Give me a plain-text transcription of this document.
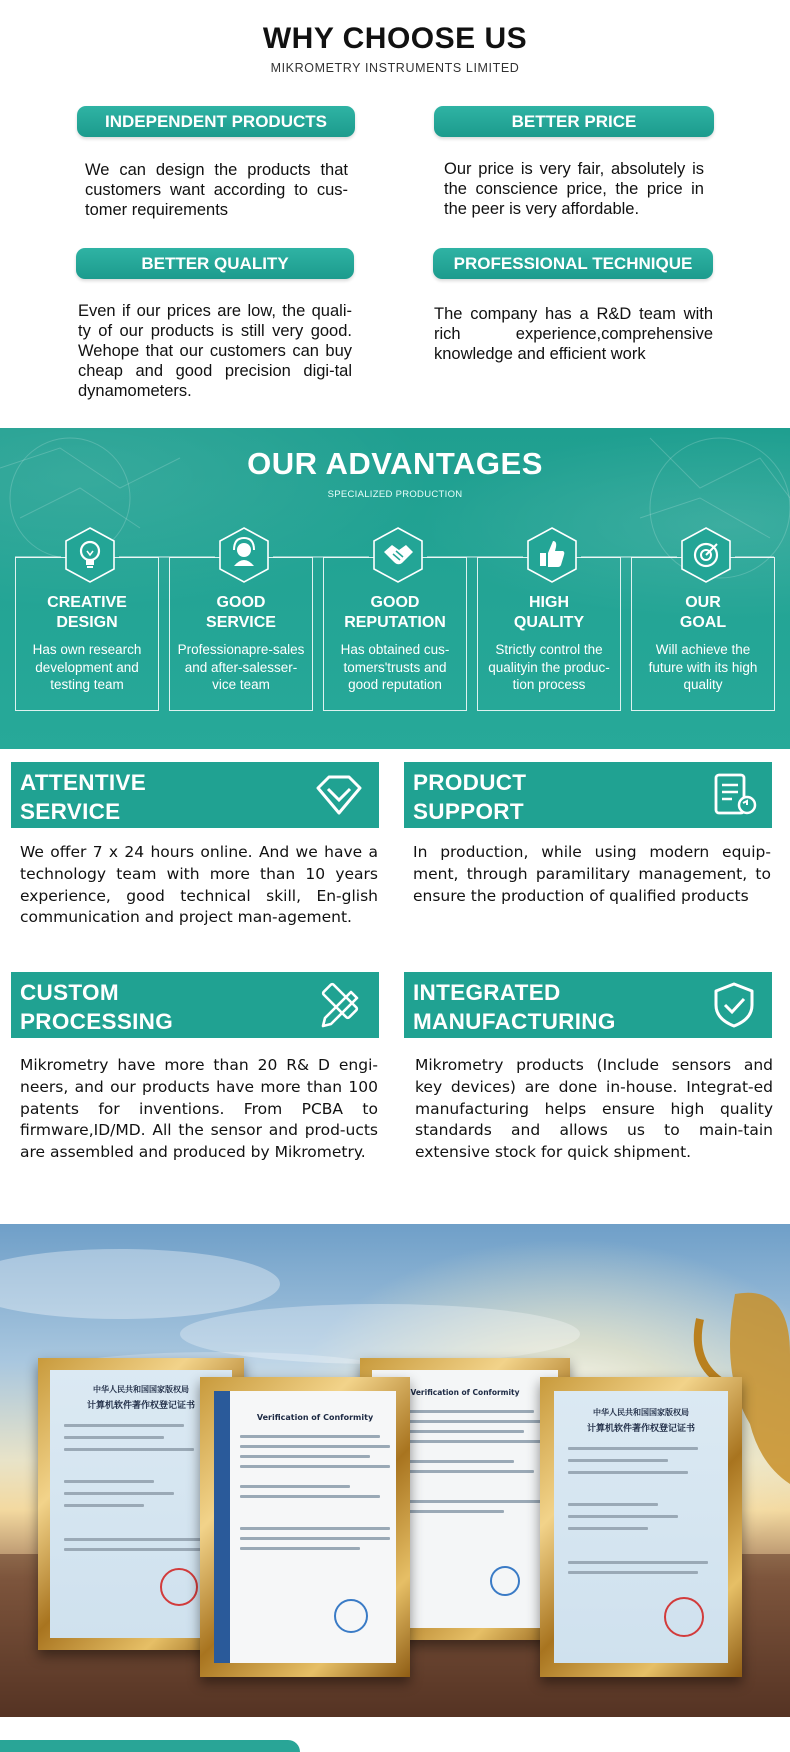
WHY CHOOSE US
MIKROMETRY INSTRUMENTS LIMITED
INDEPENDENT PRODUCTS

We can design the products that customers want according to cus-tomer requirements

BETTER PRICE

Our price is very fair, absolutely is the conscience price, the price in the peer is very affordable.

BETTER QUALITY

Even if our prices are low, the quali-ty of our products is still very good. Wehope that our customers can buy cheap and good precision digi-tal dynamometers.

PROFESSIONAL TECHNIQUE

The company has a R&D team with rich experience,comprehensive knowledge and efficient work

OUR ADVANTAGES
SPECIALIZED PRODUCTION
CREATIVE
DESIGN
Has own research
development and
testing team
GOOD
SERVICE
Professionapre-sales
and after-salesser-
vice team
GOOD
REPUTATION
Has obtained cus-
tomers'trusts and
good reputation
HIGH
QUALITY
Strictly control the
qualityin the produc-
tion process
OUR
GOAL
Will achieve the
future with its high
quality
ATTENTIVE
SERVICE

We offer 7 x 24 hours online. And we have a technology team with more than 10 years experience, good technical skill, En-glish communication and project man-agement.

PRODUCT
SUPPORT

In production, while using modern equip-ment, through paramilitary management, to ensure the production of qualified products

CUSTOM
PROCESSING

Mikrometry have more than 20 R& D engi-neers, and our products have more than 100 patents for inventions. From PCBA to firmware,ID/MD. All the sensor and prod-ucts are assembled and produced by Mikrometry.

INTEGRATED
MANUFACTURING

Mikrometry products (Include sensors and key devices) are done in-house. Integrat-ed manufacturing helps ensure high quality standards and allows us to main-tain extensive stock for quick shipment.

中华人民共和国国家版权局
计算机软件著作权登记证书
Verification of Conformity
Verification of Conformity
中华人民共和国国家版权局
计算机软件著作权登记证书
